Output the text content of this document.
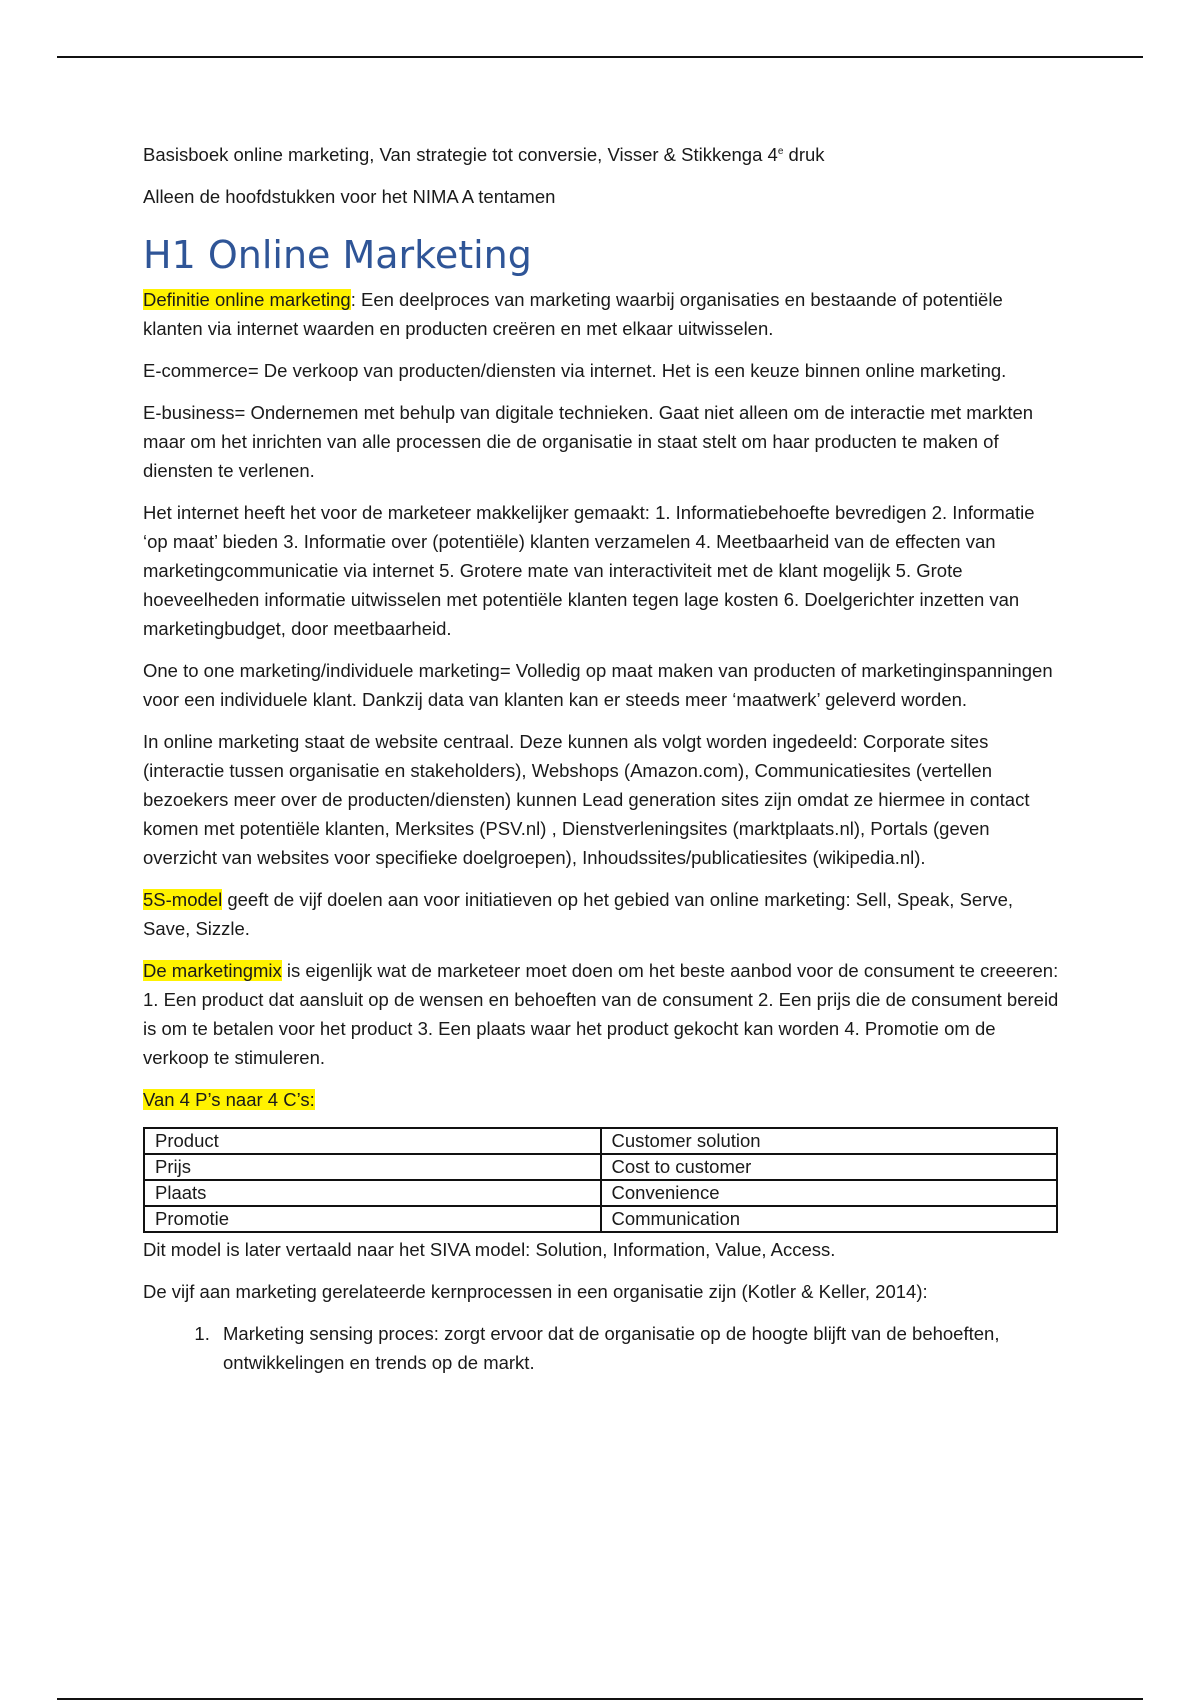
Basisboek online marketing, Van strategie tot conversie, Visser & Stikkenga 4e druk

Alleen de hoofdstukken voor het NIMA A tentamen

H1 Online Marketing

Definitie online marketing: Een deelproces van marketing waarbij organisaties en bestaande of potentiële klanten via internet waarden en producten creëren en met elkaar uitwisselen.

E-commerce= De verkoop van producten/diensten via internet. Het is een keuze binnen online marketing.

E-business= Ondernemen met behulp van digitale technieken. Gaat niet alleen om de interactie met markten maar om het inrichten van alle processen die de organisatie in staat stelt om haar producten te maken of diensten te verlenen.

Het internet heeft het voor de marketeer makkelijker gemaakt: 1. Informatiebehoefte bevredigen 2. Informatie ‘op maat’ bieden 3. Informatie over (potentiële) klanten verzamelen 4. Meetbaarheid van de effecten van marketingcommunicatie via internet 5. Grotere mate van interactiviteit met de klant mogelijk 5. Grote hoeveelheden informatie uitwisselen met potentiële klanten tegen lage kosten 6. Doelgerichter inzetten van marketingbudget, door meetbaarheid.

One to one marketing/individuele marketing= Volledig op maat maken van producten of marketinginspanningen voor een individuele klant. Dankzij data van klanten kan er steeds meer ‘maatwerk’ geleverd worden.

In online marketing staat de website centraal. Deze kunnen als volgt worden ingedeeld: Corporate sites (interactie tussen organisatie en stakeholders), Webshops (Amazon.com), Communicatiesites (vertellen bezoekers meer over de producten/diensten) kunnen Lead generation sites zijn omdat ze hiermee in contact komen met potentiële klanten, Merksites (PSV.nl) , Dienstverleningsites (marktplaats.nl), Portals (geven overzicht van websites voor specifieke doelgroepen), Inhoudssites/publicatiesites (wikipedia.nl).

5S-model geeft de vijf doelen aan voor initiatieven op het gebied van online marketing: Sell, Speak, Serve, Save, Sizzle.

De marketingmix is eigenlijk wat de marketeer moet doen om het beste aanbod voor de consument te creeeren: 1. Een product dat aansluit op de wensen en behoeften van de consument 2. Een prijs die de consument bereid is om te betalen voor het product 3. Een plaats waar het product gekocht kan worden 4. Promotie om de verkoop te stimuleren.

Van 4 P’s naar 4 C’s:

Product	Customer solution
Prijs	Cost to customer
Plaats	Convenience
Promotie	Communication

Dit model is later vertaald naar het SIVA model: Solution, Information, Value, Access.

De vijf aan marketing gerelateerde kernprocessen in een organisatie zijn (Kotler & Keller, 2014):

1. Marketing sensing proces: zorgt ervoor dat de organisatie op de hoogte blijft van de behoeften, ontwikkelingen en trends op de markt.
